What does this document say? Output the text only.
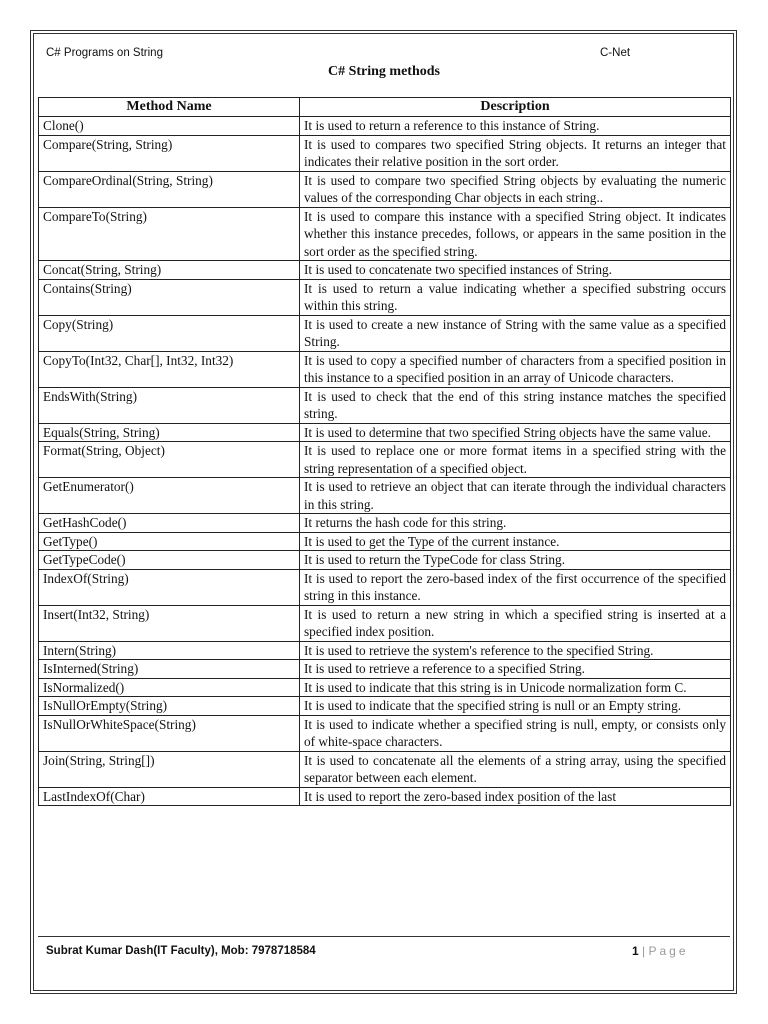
C# Programs on String	C-Net
C# String methods
Method Name	Description
Clone()	It is used to return a reference to this instance of String.
Compare(String, String)	It is used to compares two specified String objects. It returns an integer that indicates their relative position in the sort order.
CompareOrdinal(String, String)	It is used to compare two specified String objects by evaluating the numeric values of the corresponding Char objects in each string..
CompareTo(String)	It is used to compare this instance with a specified String object. It indicates whether this instance precedes, follows, or appears in the same position in the sort order as the specified string.
Concat(String, String)	It is used to concatenate two specified instances of String.
Contains(String)	It is used to return a value indicating whether a specified substring occurs within this string.
Copy(String)	It is used to create a new instance of String with the same value as a specified String.
CopyTo(Int32, Char[], Int32, Int32)	It is used to copy a specified number of characters from a specified position in this instance to a specified position in an array of Unicode characters.
EndsWith(String)	It is used to check that the end of this string instance matches the specified string.
Equals(String, String)	It is used to determine that two specified String objects have the same value.
Format(String, Object)	It is used to replace one or more format items in a specified string with the string representation of a specified object.
GetEnumerator()	It is used to retrieve an object that can iterate through the individual characters in this string.
GetHashCode()	It returns the hash code for this string.
GetType()	It is used to get the Type of the current instance.
GetTypeCode()	It is used to return the TypeCode for class String.
IndexOf(String)	It is used to report the zero-based index of the first occurrence of the specified string in this instance.
Insert(Int32, String)	It is used to return a new string in which a specified string is inserted at a specified index position.
Intern(String)	It is used to retrieve the system's reference to the specified String.
IsInterned(String)	It is used to retrieve a reference to a specified String.
IsNormalized()	It is used to indicate that this string is in Unicode normalization form C.
IsNullOrEmpty(String)	It is used to indicate that the specified string is null or an Empty string.
IsNullOrWhiteSpace(String)	It is used to indicate whether a specified string is null, empty, or consists only of white-space characters.
Join(String, String[])	It is used to concatenate all the elements of a string array, using the specified separator between each element.
LastIndexOf(Char)	It is used to report the zero-based index position of the last
Subrat Kumar Dash(IT Faculty), Mob: 7978718584	1 | Page
